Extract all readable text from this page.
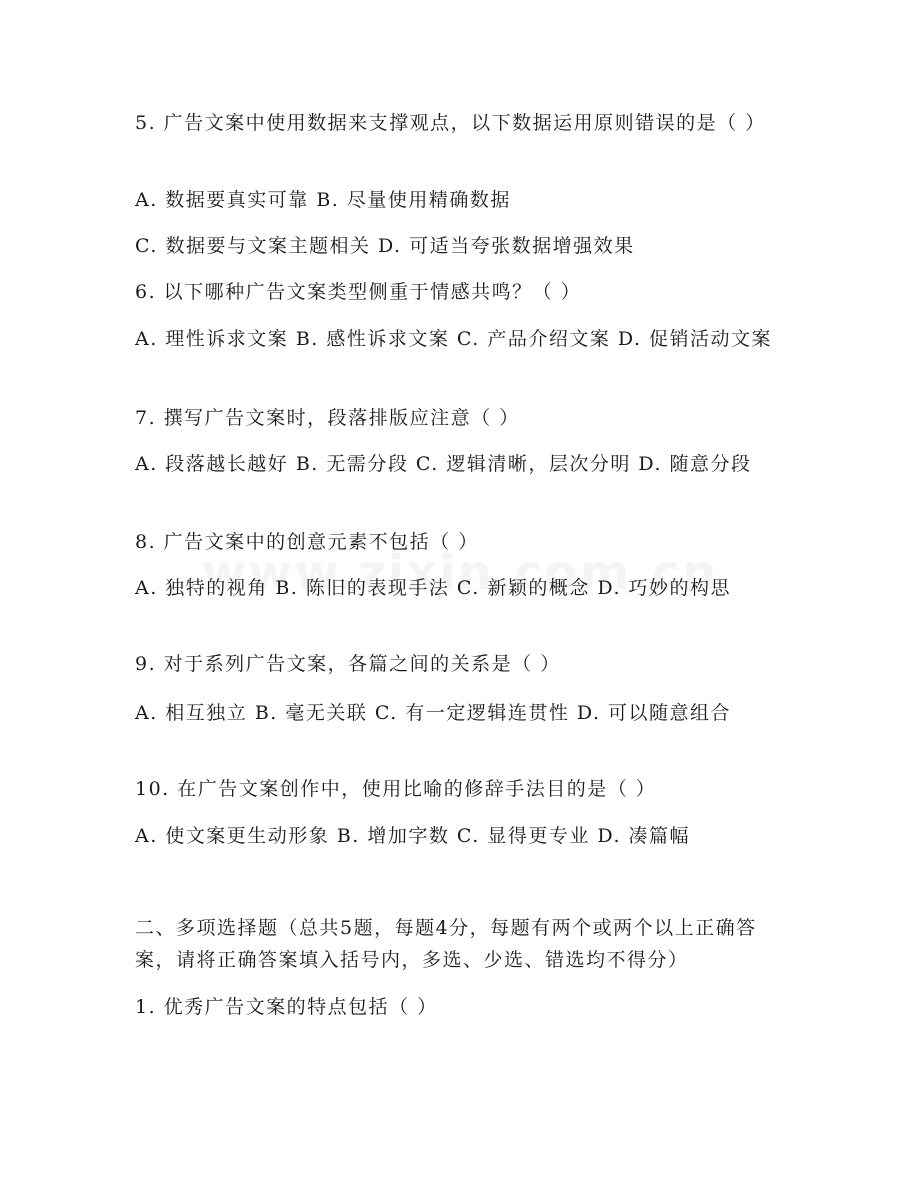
5. 广告文案中使用数据来支撑观点，以下数据运用原则错误的是（ ）
A. 数据要真实可靠 B. 尽量使用精确数据
C. 数据要与文案主题相关 D. 可适当夸张数据增强效果
6. 以下哪种广告文案类型侧重于情感共鸣？（ ）
A. 理性诉求文案 B. 感性诉求文案 C. 产品介绍文案 D. 促销活动文案
7. 撰写广告文案时，段落排版应注意（ ）
A. 段落越长越好 B. 无需分段 C. 逻辑清晰，层次分明 D. 随意分段
8. 广告文案中的创意元素不包括（ ）
A. 独特的视角 B. 陈旧的表现手法 C. 新颖的概念 D. 巧妙的构思
9. 对于系列广告文案，各篇之间的关系是（ ）
A. 相互独立 B. 毫无关联 C. 有一定逻辑连贯性 D. 可以随意组合
10. 在广告文案创作中，使用比喻的修辞手法目的是（ ）
A. 使文案更生动形象 B. 增加字数 C. 显得更专业 D. 凑篇幅
二、多项选择题（总共5题，每题4分，每题有两个或两个以上正确答案，请将正确答案填入括号内，多选、少选、错选均不得分）
1. 优秀广告文案的特点包括（ ）
